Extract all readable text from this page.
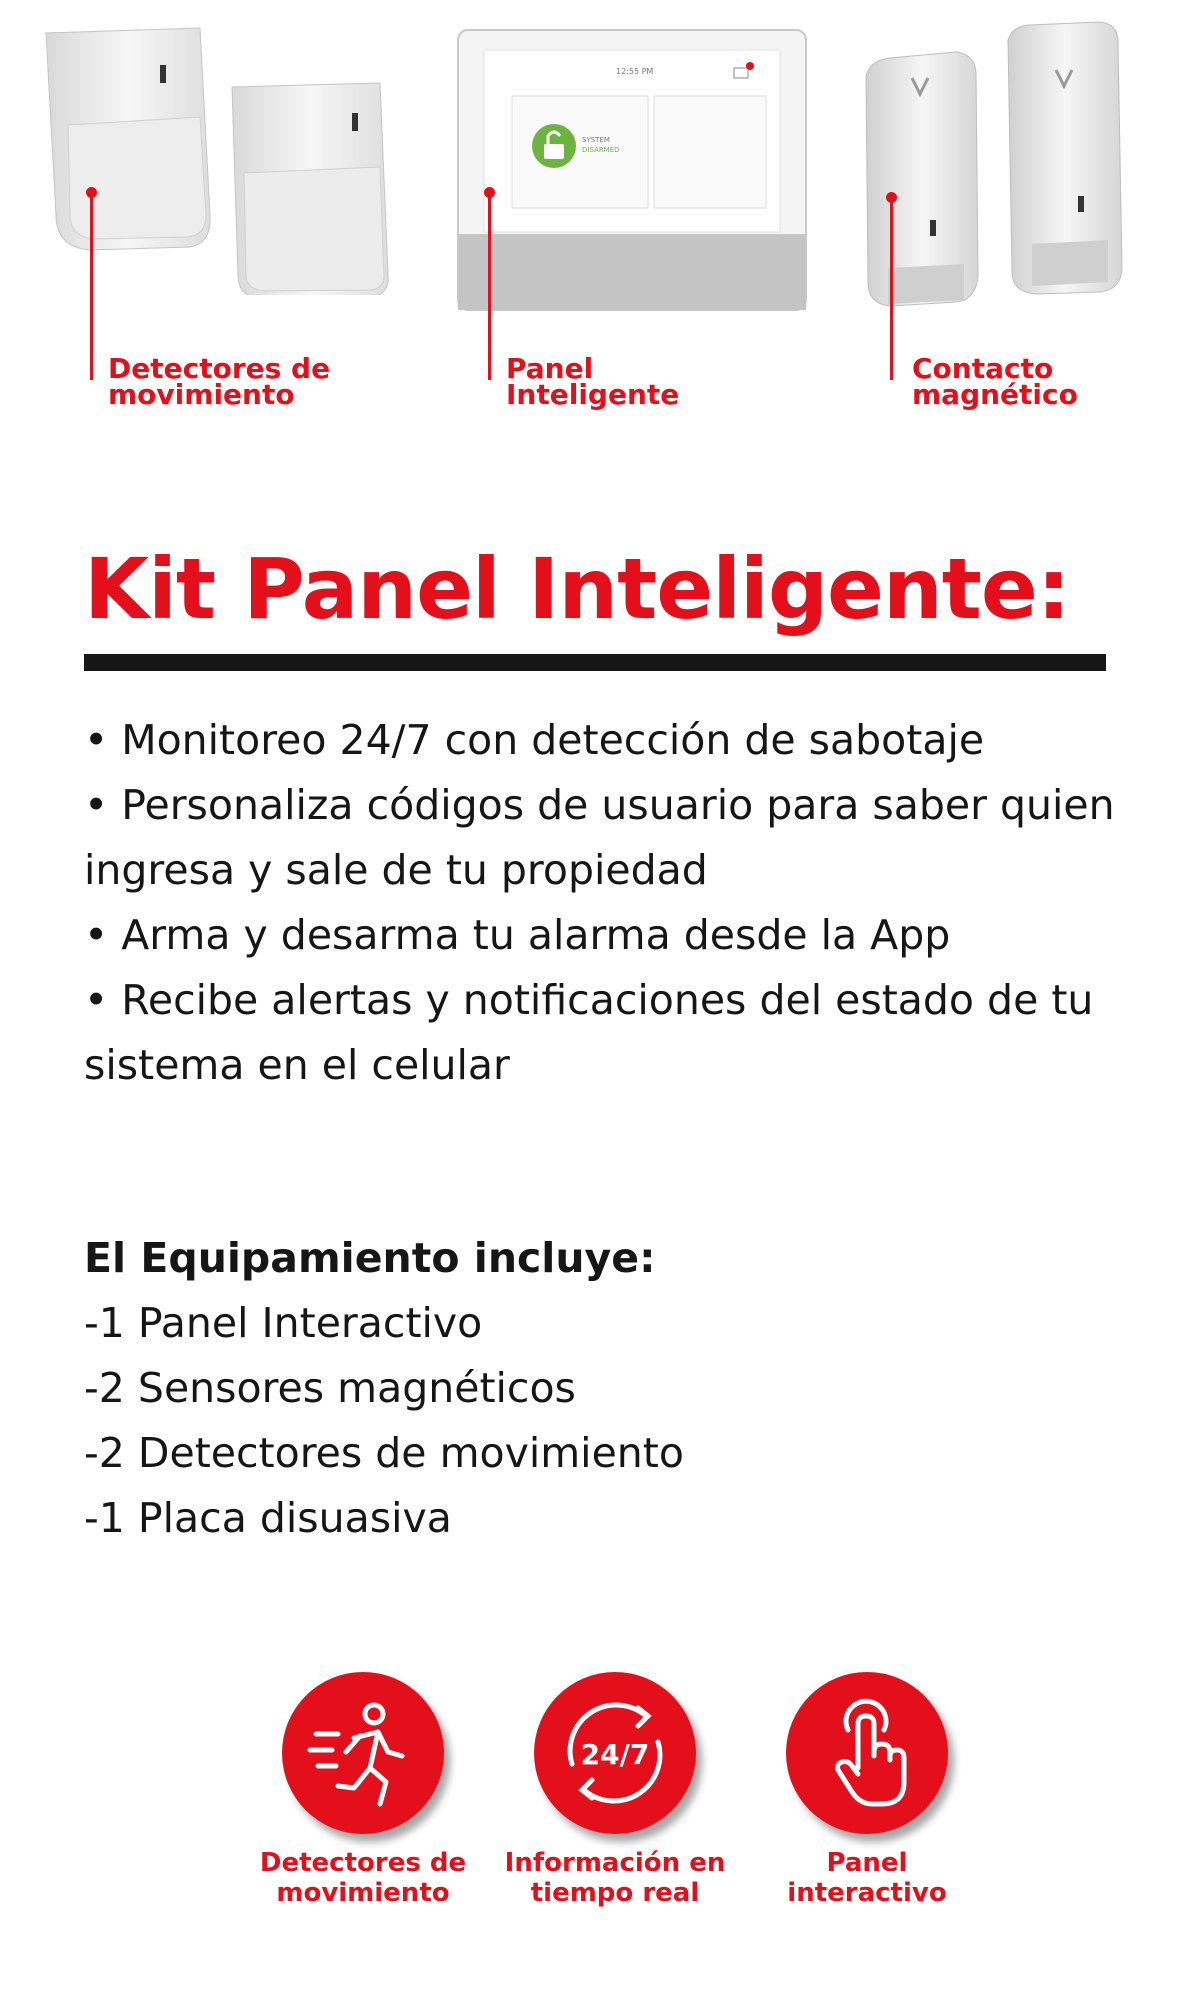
Detectores de
movimiento
SYSTEM
DISARMED
12:55 PM
Panel
Inteligente
Contacto
magnético
Kit Panel Inteligente:
• Monitoreo 24/7 con detección de sabotaje
• Personaliza códigos de usuario para saber quien ingresa y sale de tu propiedad
• Arma y desarma tu alarma desde la App
• Recibe alertas y notificaciones del estado de tu sistema en el celular
El Equipamiento incluye:
-1 Panel Interactivo
-2 Sensores magnéticos
-2 Detectores de movimiento
-1 Placa disuasiva
Detectores de
movimiento
24/7
Información en
tiempo real
Panel
interactivo
